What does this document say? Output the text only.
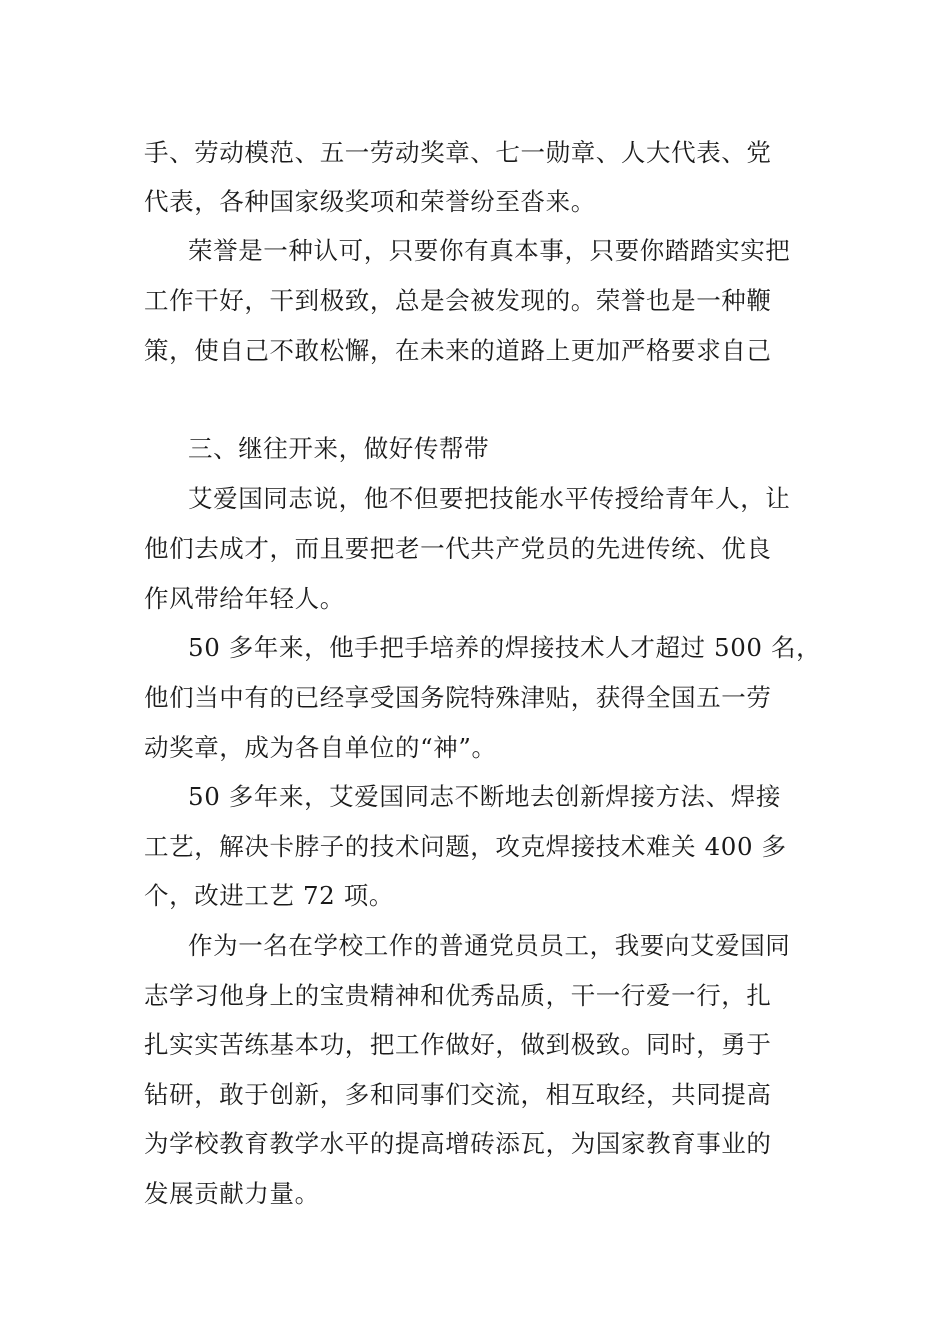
手、劳动模范、五一劳动奖章、七一勋章、人大代表、党
代表，各种国家级奖项和荣誉纷至沓来。
荣誉是一种认可，只要你有真本事，只要你踏踏实实把
工作干好，干到极致，总是会被发现的。荣誉也是一种鞭
策，使自己不敢松懈，在未来的道路上更加严格要求自己
三、继往开来，做好传帮带
艾爱国同志说，他不但要把技能水平传授给青年人，让
他们去成才，而且要把老一代共产党员的先进传统、优良
作风带给年轻人。
50 多年来，他手把手培养的焊接技术人才超过 500 名，
他们当中有的已经享受国务院特殊津贴，获得全国五一劳
动奖章，成为各自单位的“神”。
50 多年来，艾爱国同志不断地去创新焊接方法、焊接
工艺，解决卡脖子的技术问题，攻克焊接技术难关 400 多
个，改进工艺 72 项。
作为一名在学校工作的普通党员员工，我要向艾爱国同
志学习他身上的宝贵精神和优秀品质，干一行爱一行，扎
扎实实苦练基本功，把工作做好，做到极致。同时，勇于
钻研，敢于创新，多和同事们交流，相互取经，共同提高
为学校教育教学水平的提高增砖添瓦，为国家教育事业的
发展贡献力量。
